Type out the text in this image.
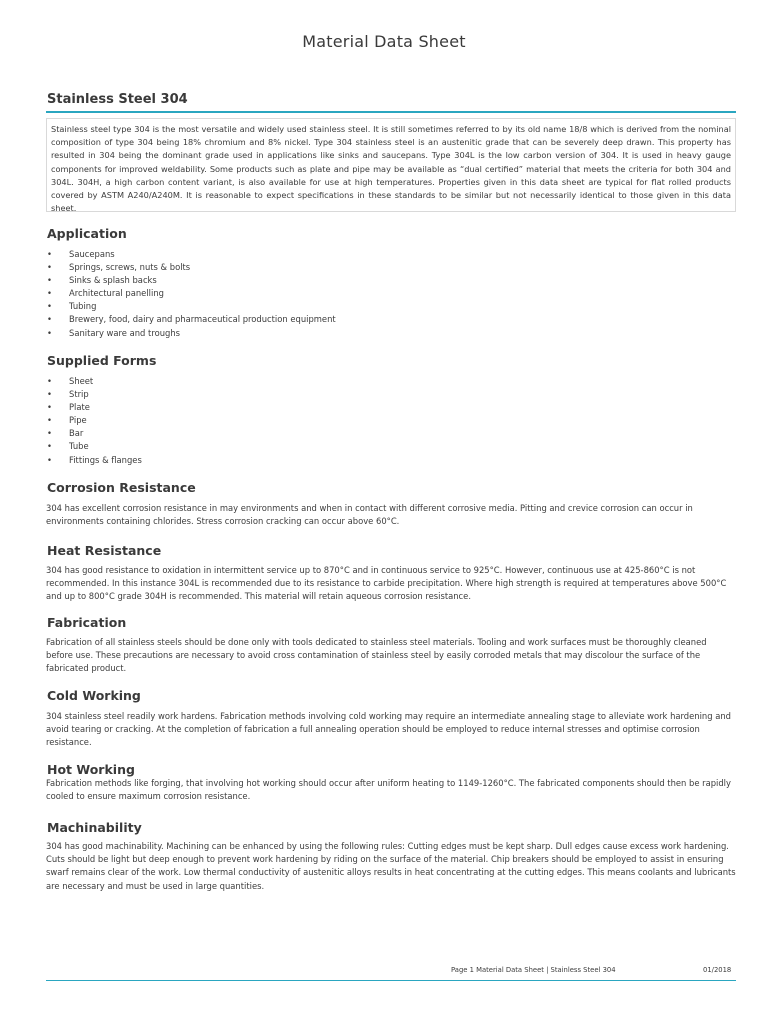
Material Data Sheet
Stainless Steel 304

Stainless steel type 304 is the most versatile and widely used stainless steel. It is still sometimes referred to by its old name 18/8 which is derived from the nominal composition of type 304 being 18% chromium and 8% nickel. Type 304 stainless steel is an austenitic grade that can be severely deep drawn. This property has resulted in 304 being the dominant grade used in applications like sinks and saucepans. Type 304L is the low carbon version of 304. It is used in heavy gauge components for improved weldability. Some products such as plate and pipe may be available as “dual certified” material that meets the criteria for both 304 and 304L. 304H, a high carbon content variant, is also available for use at high temperatures. Properties given in this data sheet are typical for flat rolled products covered by ASTM A240/A240M. It is reasonable to expect specifications in these standards to be similar but not necessarily identical to those given in this data sheet.

Application
• Saucepans
• Springs, screws, nuts & bolts
• Sinks & splash backs
• Architectural panelling
• Tubing
• Brewery, food, dairy and pharmaceutical production equipment
• Sanitary ware and troughs
Supplied Forms
• Sheet
• Strip
• Plate
• Pipe
• Bar
• Tube
• Fittings & flanges
Corrosion Resistance

304 has excellent corrosion resistance in may environments and when in contact with different corrosive media. Pitting and crevice corrosion can occur in environments containing chlorides. Stress corrosion cracking can occur above 60°C.

Heat Resistance

304 has good resistance to oxidation in intermittent service up to 870°C and in continuous service to 925°C. However, continuous use at 425-860°C is not recommended. In this instance 304L is recommended due to its resistance to carbide precipitation. Where high strength is required at temperatures above 500°C and up to 800°C grade 304H is recommended. This material will retain aqueous corrosion resistance.

Fabrication

Fabrication of all stainless steels should be done only with tools dedicated to stainless steel materials. Tooling and work surfaces must be thoroughly cleaned before use. These precautions are necessary to avoid cross contamination of stainless steel by easily corroded metals that may discolour the surface of the fabricated product.

Cold Working

304 stainless steel readily work hardens. Fabrication methods involving cold working may require an intermediate annealing stage to alleviate work hardening and avoid tearing or cracking. At the completion of fabrication a full annealing operation should be employed to reduce internal stresses and optimise corrosion resistance.

Hot Working

Fabrication methods like forging, that involving hot working should occur after uniform heating to 1149-1260°C. The fabricated components should then be rapidly cooled to ensure maximum corrosion resistance.

Machinability

304 has good machinability. Machining can be enhanced by using the following rules: Cutting edges must be kept sharp. Dull edges cause excess work hardening. Cuts should be light but deep enough to prevent work hardening by riding on the surface of the material. Chip breakers should be employed to assist in ensuring swarf remains clear of the work. Low thermal conductivity of austenitic alloys results in heat concentrating at the cutting edges. This means coolants and lubricants are necessary and must be used in large quantities.

Page 1 Material Data Sheet | Stainless Steel 304	01/2018
